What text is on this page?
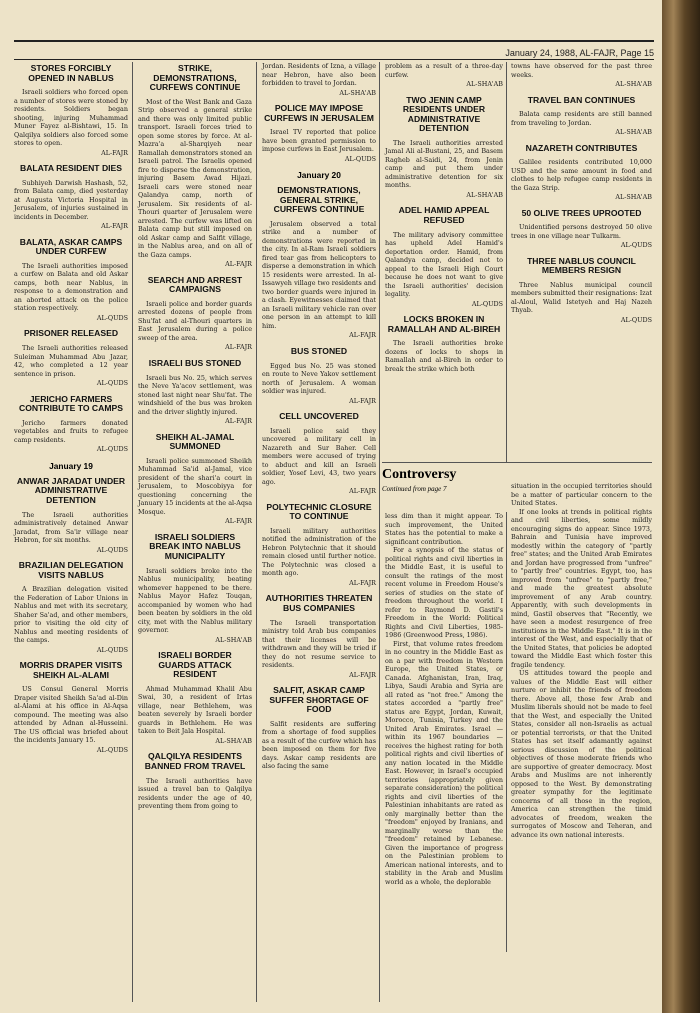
January 24, 1988, AL-FAJR, Page 15
STORES FORCIBLY OPENED IN NABLUS
Israeli soldiers who forced open a number of stores were stoned by residents. Soldiers began shooting, injuring Muhammad Muner Fayez al-Bishtawi, 15. In Qalqilya soldiers also forced some stores to open.
AL-FAJR
BALATA RESIDENT DIES
Subhiyeh Darwish Hashash, 52, from Balata camp, died yesterday at Augusta Victoria Hospital in Jerusalem, of injuries sustained in incidents in December.
AL-FAJR
BALATA, ASKAR CAMPS UNDER CURFEW
The Israeli authorities imposed a curfew on Balata and old Askar camps, both near Nablus, in response to a demonstration and an aborted attack on the police station respectively.
AL-QUDS
PRISONER RELEASED
The Israeli authorities released Suleiman Muhammad Abu Jazar, 42, who completed a 12 year sentence in prison.
AL-QUDS
JERICHO FARMERS CONTRIBUTE TO CAMPS
Jericho farmers donated vegetables and fruits to refugee camp residents.
AL-QUDS
January 19
ANWAR JARADAT UNDER ADMINISTRATIVE DETENTION
The Israeli authorities administratively detained Anwar Jaradat, from Sa'ir village near Hebron, for six months.
AL-QUDS
BRAZILIAN DELEGATION VISITS NABLUS
A Brazilian delegation visited the Federation of Labor Unions in Nablus and met with its secretary, Shaher Sa'ad, and other members, prior to visiting the old city of Nablus and meeting residents of the camps.
AL-QUDS
MORRIS DRAPER VISITS SHEIKH AL-ALAMI
US Consul General Morris Draper visited Sheikh Sa'ad al-Din al-Alami at his office in Al-Aqsa compound. The meeting was also attended by Adnan al-Husseini. The US official was briefed about the incidents January 15.
AL-QUDS
STRIKE, DEMONSTRATIONS, CURFEWS CONTINUE
Most of the West Bank and Gaza Strip observed a general strike and there was only limited public transport. Israeli forces tried to open some stores by force. At al-Mazra'a al-Sharqiyeh near Ramallah demonstrators stoned an Israeli patrol. The Israelis opened fire to disperse the demonstration, injuring Basem Awad Hijazi. Israeli cars were stoned near Qalandya camp, north of Jerusalem. Six residents of al-Thouri quarter of Jerusalem were arrested. The curfew was lifted on Balata camp but still imposed on old Askar camp and Salfit village, in the Nablus area, and on all of the Gaza camps.
AL-FAJR
SEARCH AND ARREST CAMPAIGNS
Israeli police and border guards arrested dozens of people from Shu'fat and al-Thouri quarters in East Jerusalem during a police sweep of the area.
AL-FAJR
ISRAELI BUS STONED
Israeli bus No. 25, which serves the Neve Ya'acov settlement, was stoned last night near Shu'fat. The windshield of the bus was broken and the driver slightly injured.
AL-FAJR
SHEIKH AL-JAMAL SUMMONED
Israeli police summoned Sheikh Muhammad Sa'id al-Jamal, vice president of the shari'a court in Jerusalem, to Moscobiyya for questioning concerning the January 15 incidents at the al-Aqsa Mosque.
AL-FAJR
ISRAELI SOLDIERS BREAK INTO NABLUS MUNICIPALITY
Israeli soldiers broke into the Nablus municipality, beating whomever happened to be there. Nablus Mayor Hafez Touqan, accompanied by women who had been beaten by soldiers in the old city, met with the Nablus military governor.
AL-SHA'AB
ISRAELI BORDER GUARDS ATTACK RESIDENT
Ahmad Muhammad Khalil Abu Swai, 30, a resident of Irtas village, near Bethlehem, was beaten severely by Israeli border guards in Bethlehem. He was taken to Beit Jala Hospital.
AL-SHA'AB
QALQILYA RESIDENTS BANNED FROM TRAVEL
The Israeli authorities have issued a travel ban to Qalqilya residents under the age of 40, preventing them from going to
Jordan. Residents of Izna, a village near Hebron, have also been forbidden to travel to Jordan.
AL-SHA'AB
POLICE MAY IMPOSE CURFEWS IN JERUSALEM
Israel TV reported that police have been granted permission to impose curfews in East Jerusalem.
AL-QUDS
January 20
DEMONSTRATIONS, GENERAL STRIKE, CURFEWS CONTINUE
Jerusalem observed a total strike and a number of demonstrations were reported in the city. In al-Ram Israeli soldiers fired tear gas from helicopters to disperse a demonstration in which 15 residents were arrested. In al-Issawyeh village two residents and two border guards were injured in a clash. Eyewitnesses claimed that an Israeli military vehicle ran over one person in an attempt to kill him.
AL-FAJR
BUS STONED
Egged bus No. 25 was stoned en route to Neve Yakov settlement north of Jerusalem. A woman soldier was injured.
AL-FAJR
CELL UNCOVERED
Israeli police said they uncovered a military cell in Nazareth and Sur Baher. Cell members were accused of trying to abduct and kill an Israeli soldier, Yosef Levi, 43, two years ago.
AL-FAJR
POLYTECHNIC CLOSURE TO CONTINUE
Israeli military authorities notified the administration of the Hebron Polytechnic that it should remain closed until further notice. The Polytechnic was closed a month ago.
AL-FAJR
AUTHORITIES THREATEN BUS COMPANIES
The Israeli transportation ministry told Arab bus companies that their licenses will be withdrawn and they will be tried if they do not resume service to residents.
AL-FAJR
SALFIT, ASKAR CAMP SUFFER SHORTAGE OF FOOD
Salfit residents are suffering from a shortage of food supplies as a result of the curfew which has been imposed on them for five days. Askar camp residents are also facing the same
problem as a result of a three-day curfew.
AL-SHA'AB
TWO JENIN CAMP RESIDENTS UNDER ADMINISTRATIVE DETENTION
The Israeli authorities arrested Jamal Ali al-Bustani, 25, and Basem Ragheb al-Saidi, 24, from Jenin camp and put them under administrative detention for six months.
AL-SHA'AB
ADEL HAMID APPEAL REFUSED
The military advisory committee has upheld Adel Hamid's deportation order. Hamid, from Qalandya camp, decided not to appeal to the Israeli High Court because he does not want to give the Israeli authorities' decision legality.
AL-QUDS
LOCKS BROKEN IN RAMALLAH AND AL-BIREH
The Israeli authorities broke dozens of locks to shops in Ramallah and al-Bireh in order to break the strike which both
towns have observed for the past three weeks.
AL-SHA'AB
TRAVEL BAN CONTINUES
Balata camp residents are still banned from traveling to Jordan.
AL-SHA'AB
NAZARETH CONTRIBUTES
Galilee residents contributed 10,000 USD and the same amount in food and clothes to help refugee camp residents in the Gaza Strip.
AL-SHA'AB
50 OLIVE TREES UPROOTED
Unidentified persons destroyed 50 olive trees in one village near Tulkarm.
AL-QUDS
THREE NABLUS COUNCIL MEMBERS RESIGN
Three Nablus municipal council members submitted their resignations: Izat al-Aloul, Walid Istetyeh and Haj Nazeh Thyab.
AL-QUDS
Controversy
Continued from page 7
less dim than it might appear. To such improvement, the United States has the potential to make a significant contribution.
For a synopsis of the status of political rights and civil liberties in the Middle East, it is useful to consult the ratings of the most recent volume in Freedom House's series of studies on the state of freedom throughout the world. I refer to Raymond D. Gastil's Freedom in the World: Political Rights and Civil Liberties, 1985-1986 (Greenwood Press, 1986).
First, that volume rates freedom in no country in the Middle East as on a par with freedom in Western Europe, the United States, or Canada. Afghanistan, Iran, Iraq, Libya, Saudi Arabia and Syria are all rated as "not free." Among the states accorded a "partly free" status are Egypt, Jordan, Kuwait, Morocco, Tunisia, Turkey and the United Arab Emirates. Israel — within its 1967 boundaries — receives the highest rating for both political rights and civil liberties of any nation located in the Middle East. However, in Israel's occupied territories (appropriately given separate consideration) the political rights and civil liberties of the Palestinian inhabitants are rated as only marginally better than the "freedom" enjoyed by Iranians, and marginally worse than the "freedom" retained by Lebanese. Given the importance of progress on the Palestinian problem to American national interests, and to stability in the Arab and Muslim world as a whole, the deplorable
situation in the occupied territories should be a matter of particular concern to the United States.
If one looks at trends in political rights and civil liberties, some mildly encouraging signs do appear. Since 1973, Bahrain and Tunisia have improved modestly within the category of "partly free" states; and the United Arab Emirates and Jordan have progressed from "unfree" to "partly free" countries. Egypt, too, has improved from "unfree" to "partly free," and made the greatest absolute improvement of any Arab country. Apparently, with such developments in mind, Gastil observes that "Recently, we have seen a modest resurgence of free institutions in the Middle East." It is in the interest of the West, and especially that of the United States, that policies be adopted toward the Middle East which foster this fragile tendency.
US attitudes toward the people and values of the Middle East will either nurture or inhibit the friends of freedom there. Above all, those few Arab and Muslim liberals should not be made to feel that the West, and especially the United States, consider all non-Israelis as actual or potential terrorists, or that the United States has set itself adamantly against serious discussion of the political objectives of those moderate friends who are supportive of greater democracy. Most Arabs and Muslims are not inherently opposed to the West. By demonstrating greater sympathy for the legitimate concerns of all those in the region, America can strengthen the timid advocates of freedom, weaken the surrogates of Moscow and Teheran, and advance its own national interests.
